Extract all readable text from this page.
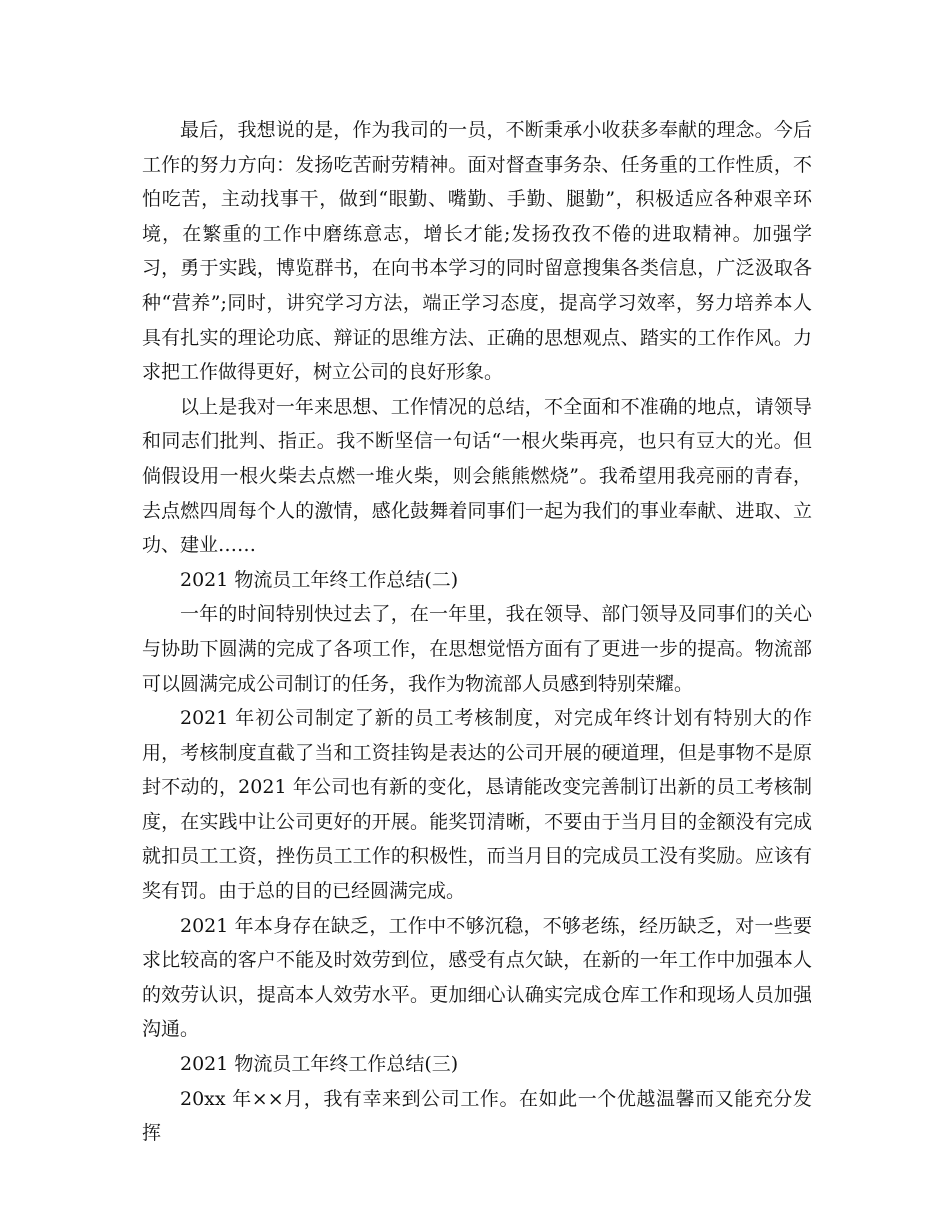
最后，我想说的是，作为我司的一员，不断秉承小收获多奉献的理念。今后工作的努力方向：发扬吃苦耐劳精神。面对督查事务杂、任务重的工作性质，不怕吃苦，主动找事干，做到“眼勤、嘴勤、手勤、腿勤”，积极适应各种艰辛环境，在繁重的工作中磨练意志，增长才能;发扬孜孜不倦的进取精神。加强学习，勇于实践，博览群书，在向书本学习的同时留意搜集各类信息，广泛汲取各种“营养”;同时，讲究学习方法，端正学习态度，提高学习效率，努力培养本人具有扎实的理论功底、辩证的思维方法、正确的思想观点、踏实的工作作风。力求把工作做得更好，树立公司的良好形象。

以上是我对一年来思想、工作情况的总结，不全面和不准确的地点，请领导和同志们批判、指正。我不断坚信一句话“一根火柴再亮，也只有豆大的光。但倘假设用一根火柴去点燃一堆火柴，则会熊熊燃烧”。我希望用我亮丽的青春，去点燃四周每个人的激情，感化鼓舞着同事们一起为我们的事业奉献、进取、立功、建业……

2021 物流员工年终工作总结(二)

一年的时间特别快过去了，在一年里，我在领导、部门领导及同事们的关心与协助下圆满的完成了各项工作，在思想觉悟方面有了更进一步的提高。物流部可以圆满完成公司制订的任务，我作为物流部人员感到特别荣耀。

2021 年初公司制定了新的员工考核制度，对完成年终计划有特别大的作用，考核制度直截了当和工资挂钩是表达的公司开展的硬道理，但是事物不是原封不动的，2021 年公司也有新的变化，恳请能改变完善制订出新的员工考核制度，在实践中让公司更好的开展。能奖罚清晰，不要由于当月目的金额没有完成就扣员工工资，挫伤员工工作的积极性，而当月目的完成员工没有奖励。应该有奖有罚。由于总的目的已经圆满完成。

2021 年本身存在缺乏，工作中不够沉稳，不够老练，经历缺乏，对一些要求比较高的客户不能及时效劳到位，感受有点欠缺，在新的一年工作中加强本人的效劳认识，提高本人效劳水平。更加细心认确实完成仓库工作和现场人员加强沟通。

2021 物流员工年终工作总结(三)

20xx 年××月，我有幸来到公司工作。在如此一个优越温馨而又能充分发挥
